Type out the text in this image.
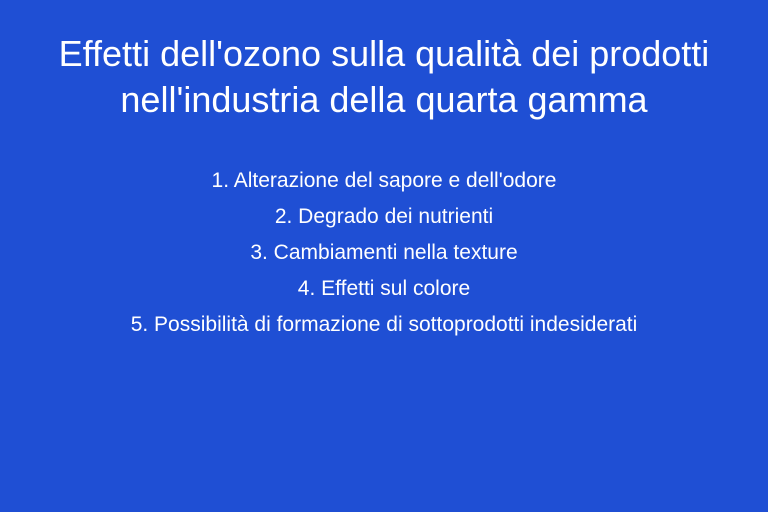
Effetti dell'ozono sulla qualità dei prodotti
nell'industria della quarta gamma
1. Alterazione del sapore e dell'odore
2. Degrado dei nutrienti
3. Cambiamenti nella texture
4. Effetti sul colore
5. Possibilità di formazione di sottoprodotti indesiderati
